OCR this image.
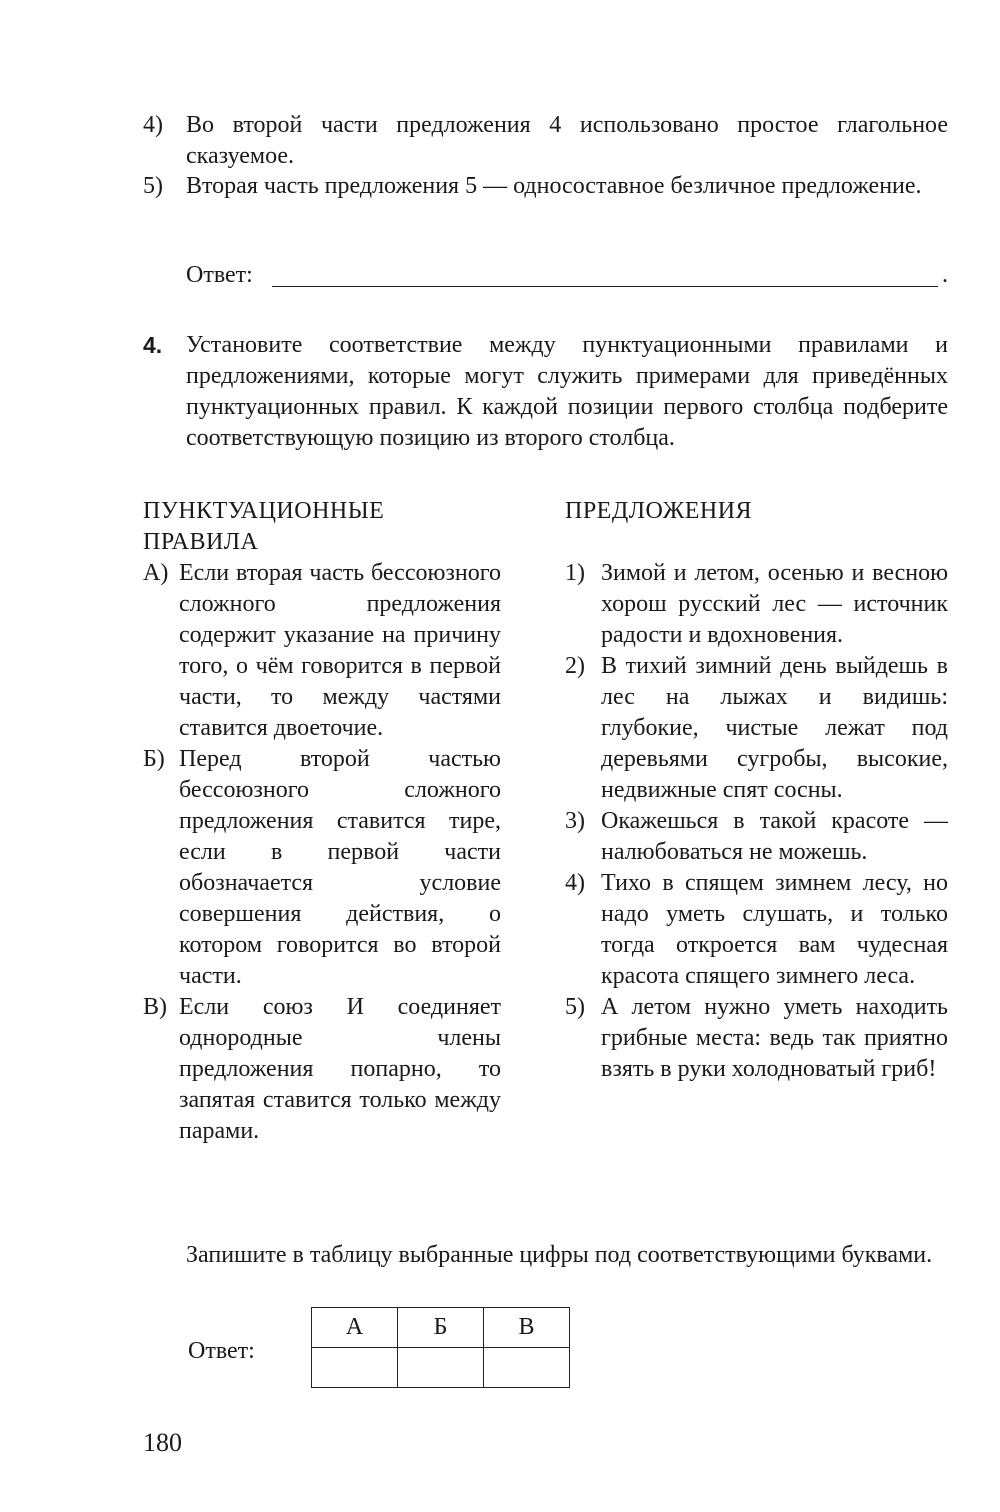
4) Во второй части предложения 4 использовано простое глагольное сказуемое.
5) Вторая часть предложения 5 — односоставное безличное предложение.
Ответ:	.
4. Установите соответствие между пунктуационными правилами и предложениями, которые могут служить примерами для приведённых пунктуационных правил. К каждой позиции первого столбца подберите соответствующую позицию из второго столбца.
ПУНКТУАЦИОННЫЕ
ПРАВИЛА
ПРЕДЛОЖЕНИЯ
А) Если вторая часть бессоюзного сложного предложения содержит указание на причину того, о чём говорится в первой части, то между частями ставится двоеточие.
Б) Перед второй частью бессоюзного сложного предложения ставится тире, если в первой части обозначается условие совершения действия, о котором говорится во второй части.
В) Если союз И соединяет однородные члены предложения попарно, то запятая ставится только между парами.
1) Зимой и летом, осенью и весною хорош русский лес — источник радости и вдохновения.
2) В тихий зимний день выйдешь в лес на лыжах и видишь: глубокие, чистые лежат под деревьями сугробы, высокие, недвижные спят сосны.
3) Окажешься в такой красоте — налюбоваться не можешь.
4) Тихо в спящем зимнем лесу, но надо уметь слушать, и только тогда откроется вам чудесная красота спящего зимнего леса.
5) А летом нужно уметь находить грибные места: ведь так приятно взять в руки холодноватый гриб!
Запишите в таблицу выбранные цифры под соответствующими буквами.
Ответ:
А	Б	В

180
